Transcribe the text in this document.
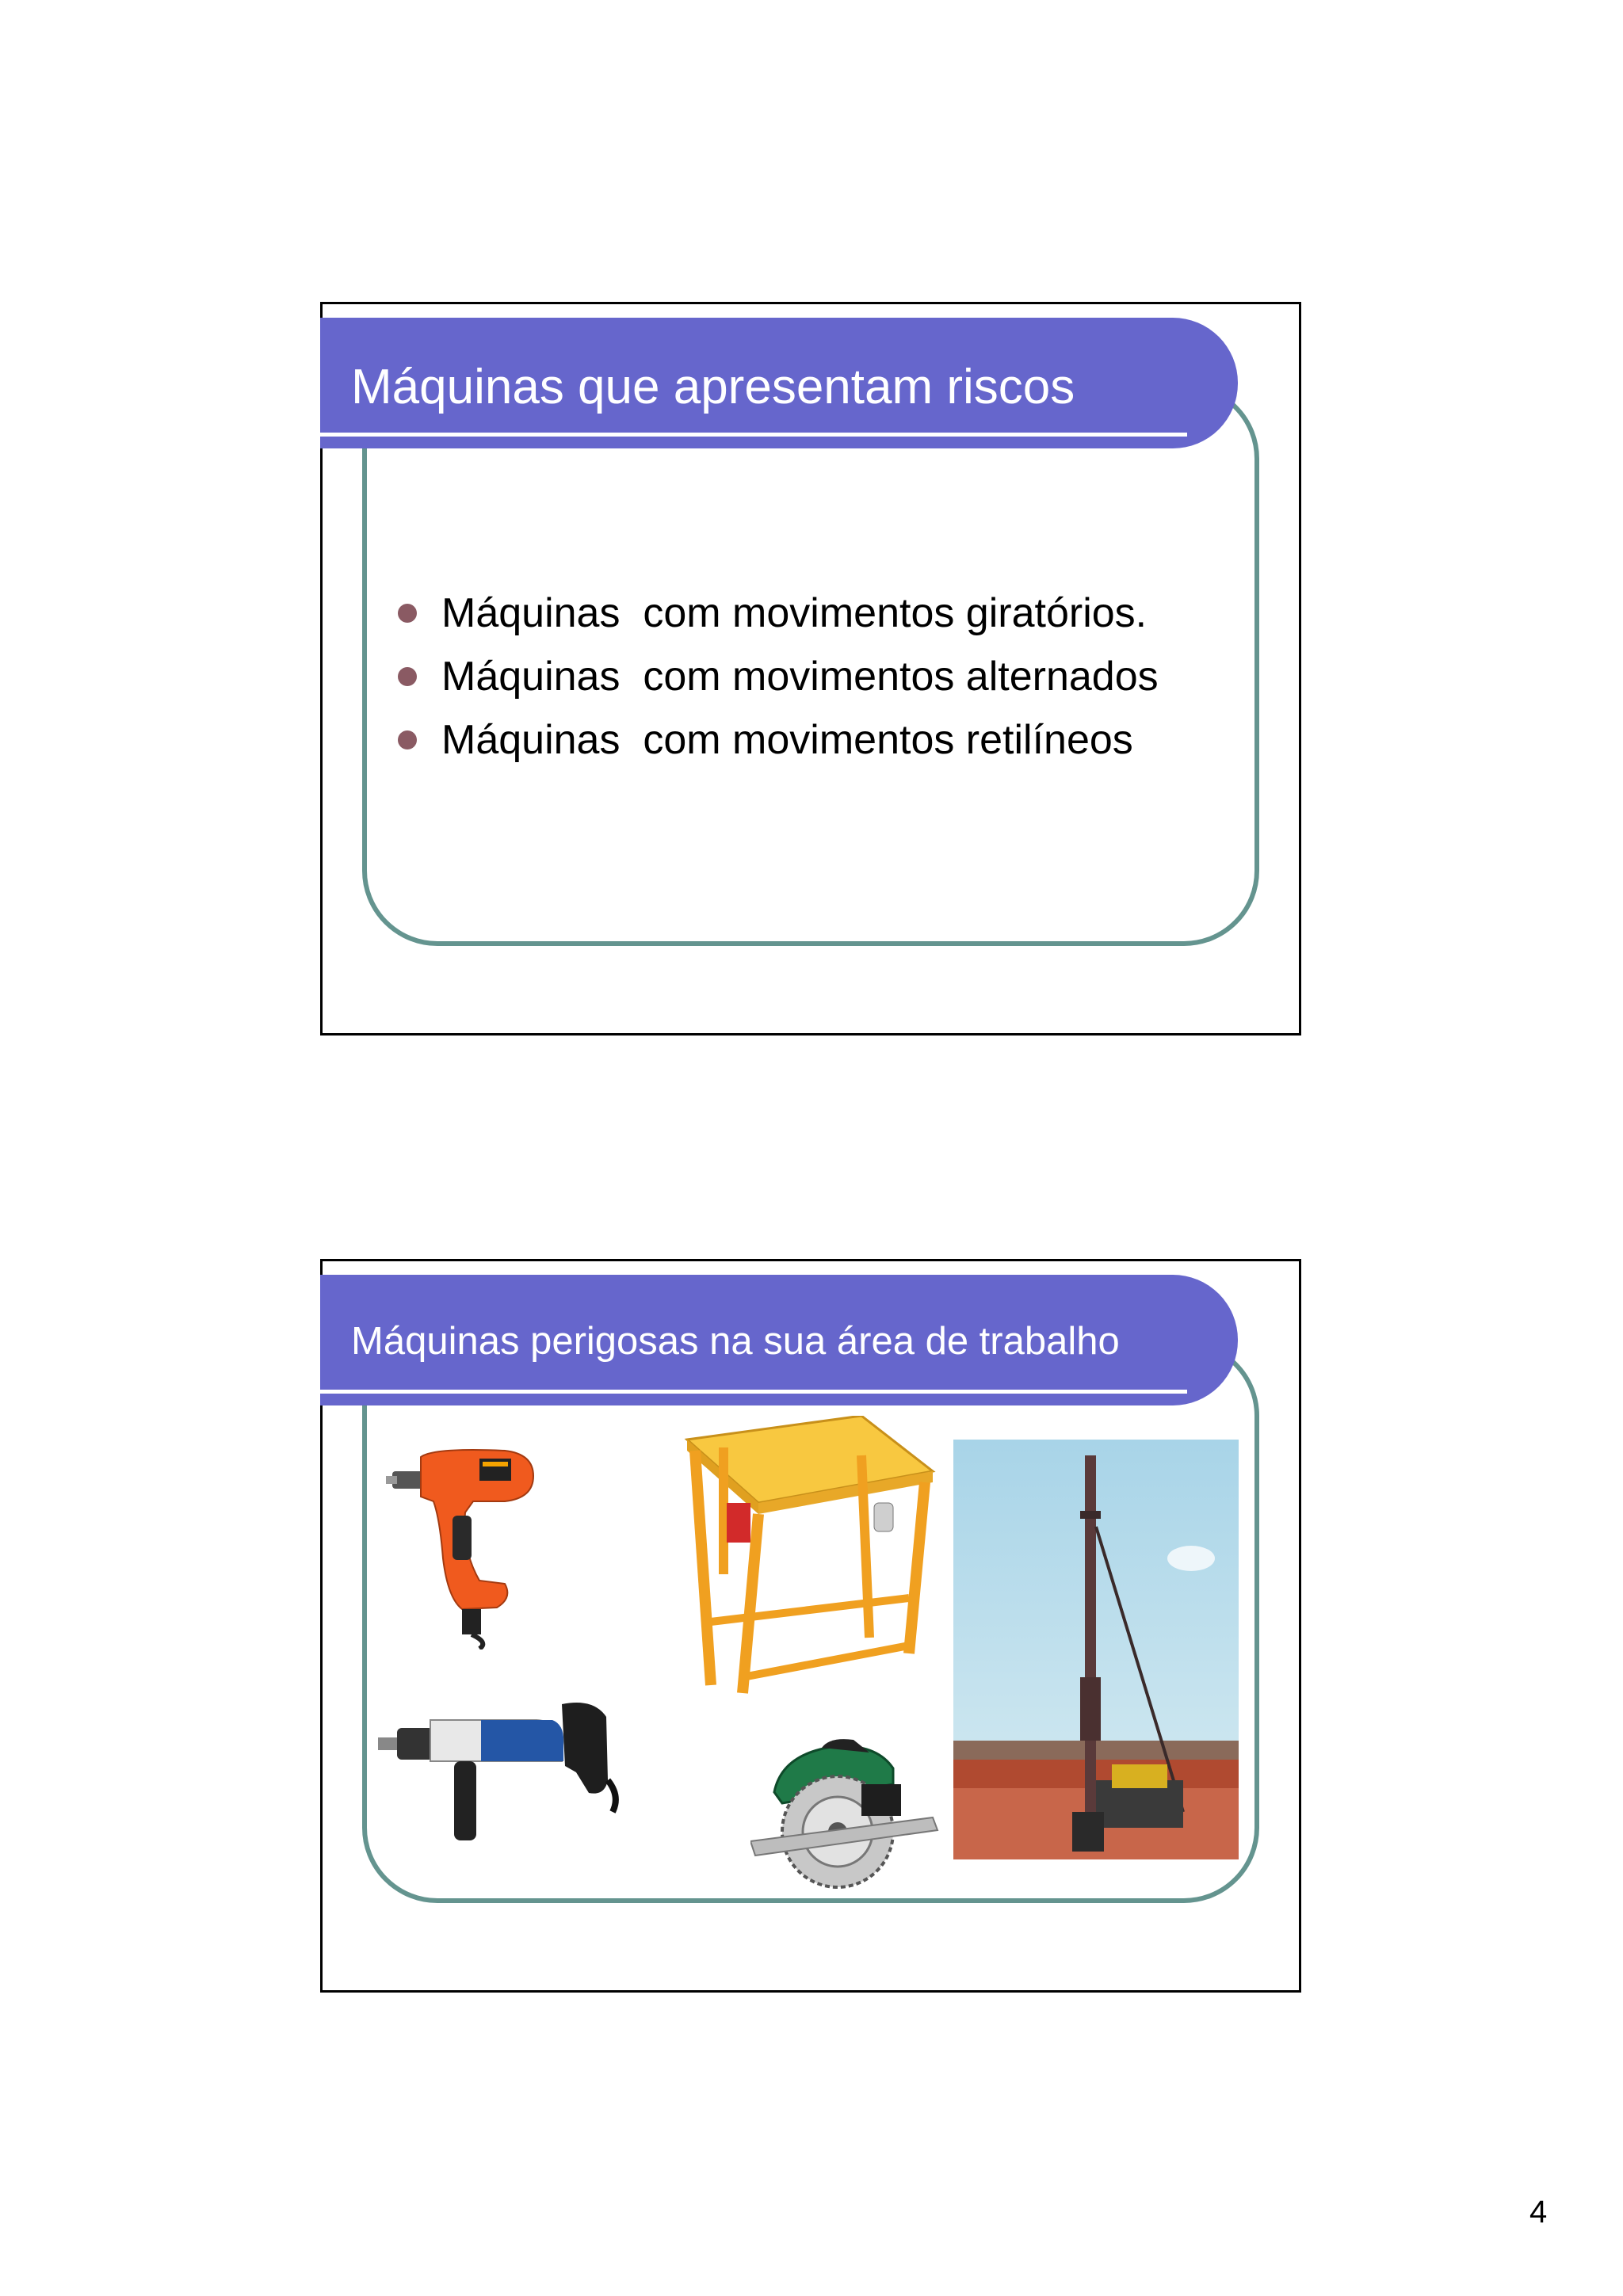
Máquinas que apresentam riscos
Máquinas  com movimentos giratórios.
Máquinas  com movimentos alternados
Máquinas  com movimentos retilíneos
Máquinas perigosas na sua área de trabalho
4
